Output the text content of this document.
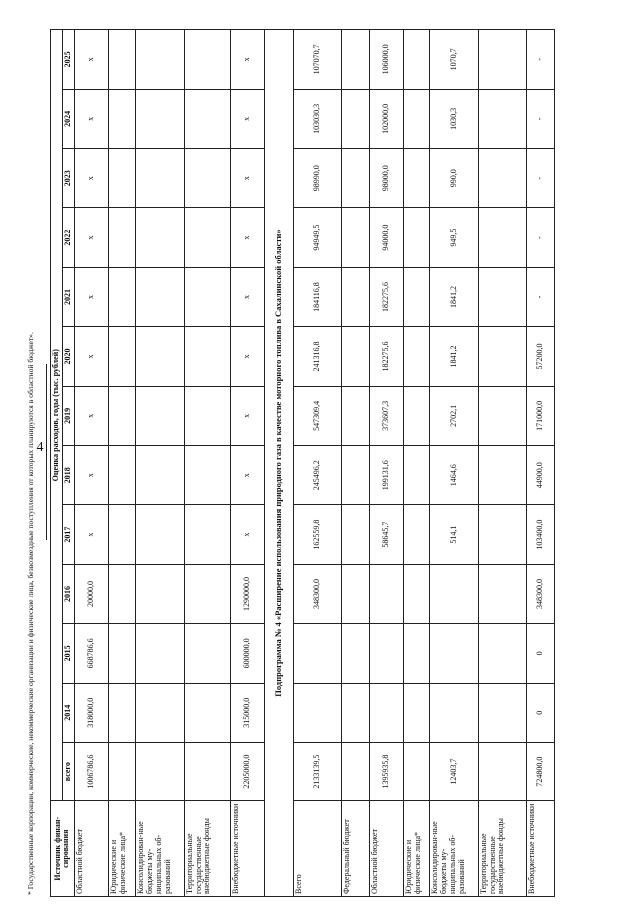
4
* Государственные корпорации, коммерческие, некоммерческие организации и физические лица, безвозмездные поступления от которых планируются в областной бюджет». Источник финан-сирования	Оценка расходов, годы (тыс. рублей)												
	всего	2014	2015	2016	2017	2018	2019	2020	2021	2022	2023	2024	2025
Областной бюджет	1006786,6	318000,0	668786,6	20000,0	х	х	х	х	х	х	х	х	х
Юридические и физические лица*													
Консолидирован-ные бюджеты му-ниципальных об-разований													
Территориальные государственные внебюджетные фонды													
Внебюджетные источники	2205000,0	315000,0	600000,0	1290000,0	х	х	х	х	х	х	х	х	х
Подпрограмма № 4 «Расширение использования природного газа в качестве моторного топлива в Сахалинской области»													
Всего	2133139,5			348300,0	162559,8	245496,2	547309,4	241316,8	184116,8	94949,5	98990,0	103030,3	107070,7
Федеральный бюджет													
Областной бюджет	1395935,8				58645,7	199131,6	373607,3	182275,6	182275,6	94000,0	98000,0	102000,0	106000,0
Юридические и физические лица*													
Консолидирован-ные бюджеты му-ниципальных об-разований	12403,7				514,1	1464,6	2702,1	1841,2	1841,2	949,5	990,0	1030,3	1070,7
Территориальные государственные внебюджетные фонды													
Внебюджетные источники	724800,0	0	0	348300,0	103400,0	44900,0	171000,0	57200,0	-	-	-	-	-
